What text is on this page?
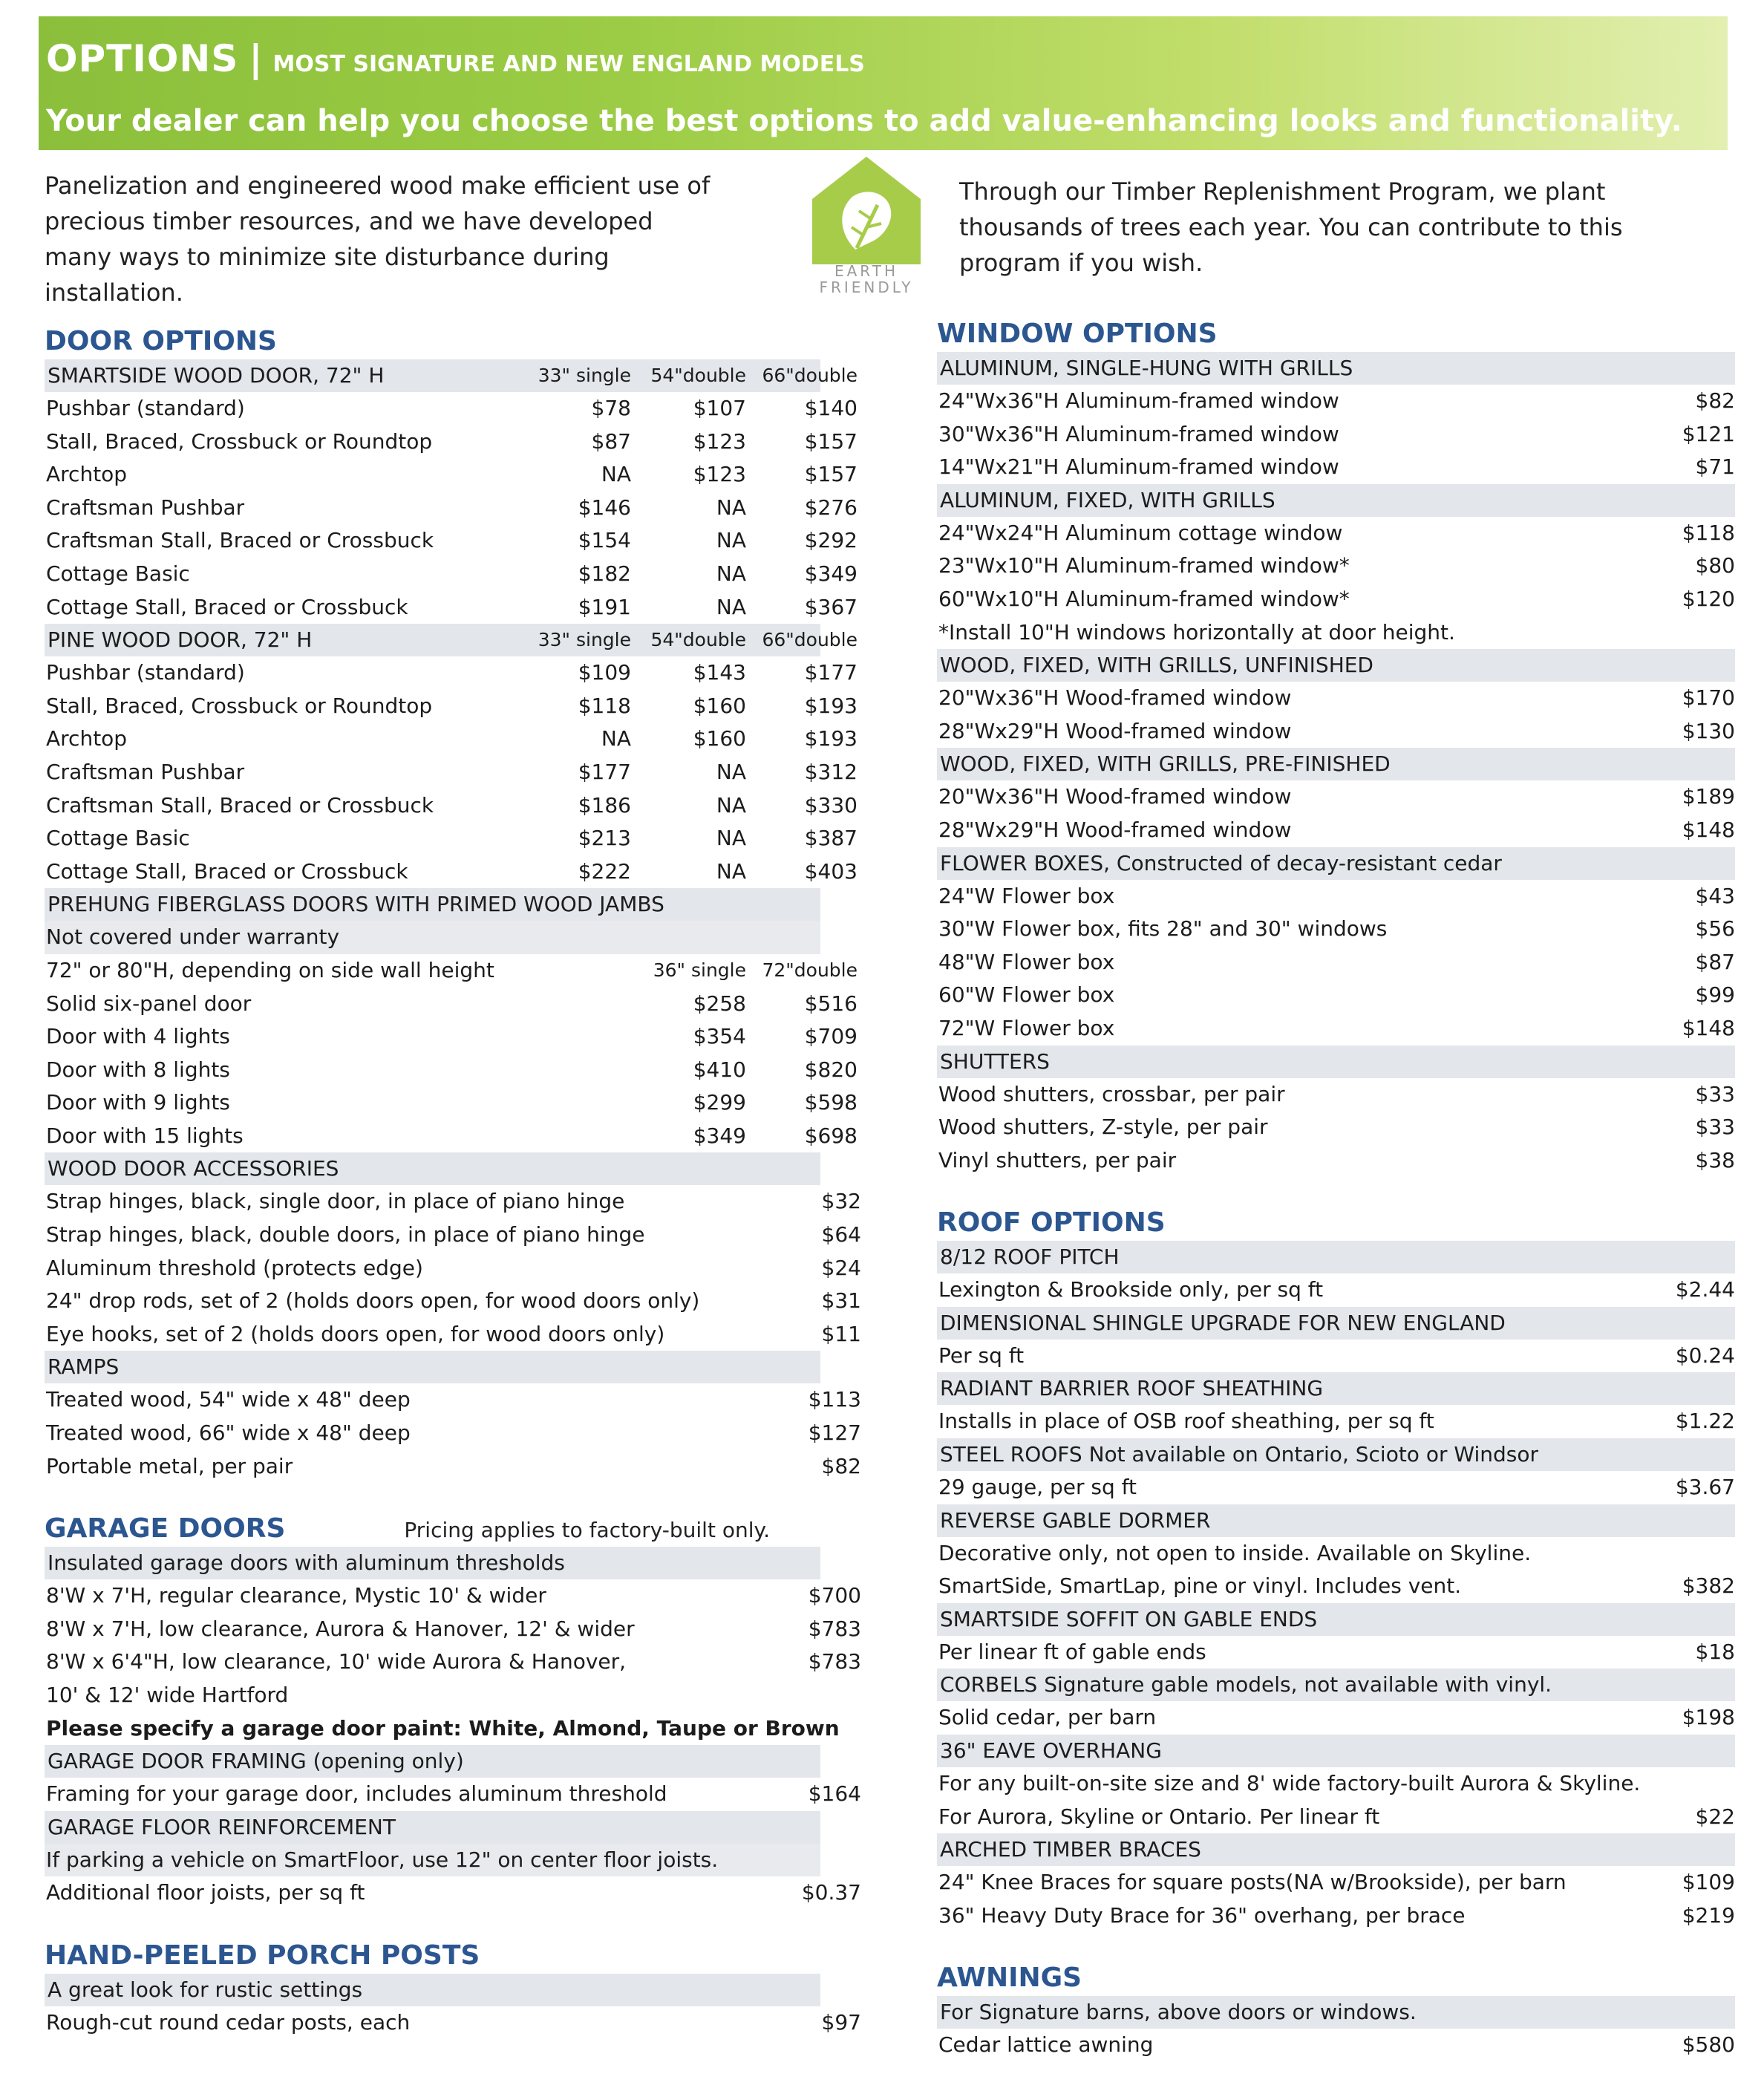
OPTIONS | MOST SIGNATURE AND NEW ENGLAND MODELS
Your dealer can help you choose the best options to add value-enhancing looks and functionality.
Panelization and engineered wood make efficient use of precious timber resources, and we have developed many ways to minimize site disturbance during installation.
EARTH
FRIENDLY
Through our Timber Replenishment Program, we plant thousands of trees each year. You can contribute to this program if you wish.
DOOR OPTIONS
SMARTSIDE WOOD DOOR, 72" H	33" single	54"double 66"double
Pushbar (standard)	$78	$107	$140
Stall, Braced, Crossbuck or Roundtop	$87	$123	$157
Archtop	NA	$123	$157
Craftsman Pushbar	$146	NA	$276
Craftsman Stall, Braced or Crossbuck	$154	NA	$292
Cottage Basic	$182	NA	$349
Cottage Stall, Braced or Crossbuck	$191	NA	$367
PINE WOOD DOOR, 72" H	33" single	54"double 66"double
Pushbar (standard)	$109	$143	$177
Stall, Braced, Crossbuck or Roundtop	$118	$160	$193
Archtop	NA	$160	$193
Craftsman Pushbar	$177	NA	$312
Craftsman Stall, Braced or Crossbuck	$186	NA	$330
Cottage Basic	$213	NA	$387
Cottage Stall, Braced or Crossbuck	$222	NA	$403
PREHUNG FIBERGLASS DOORS WITH PRIMED WOOD JAMBS
Not covered under warranty
72" or 80"H, depending on side wall height	36" single 72"double
Solid six-panel door	$258	$516
Door with 4 lights	$354	$709
Door with 8 lights	$410	$820
Door with 9 lights	$299	$598
Door with 15 lights	$349	$698
WOOD DOOR ACCESSORIES
Strap hinges, black, single door, in place of piano hinge	$32
Strap hinges, black, double doors, in place of piano hinge	$64
Aluminum threshold (protects edge)	$24
24" drop rods, set of 2 (holds doors open, for wood doors only)	$31
Eye hooks, set of 2 (holds doors open, for wood doors only)	$11
RAMPS
Treated wood, 54" wide x 48" deep	$113
Treated wood, 66" wide x 48" deep	$127
Portable metal, per pair	$82
GARAGE DOORS	Pricing applies to factory-built only.
Insulated garage doors with aluminum thresholds
8'W x 7'H, regular clearance, Mystic 10' & wider	$700
8'W x 7'H, low clearance, Aurora & Hanover, 12' & wider	$783
8'W x 6'4"H, low clearance, 10' wide Aurora & Hanover,	$783
10' & 12' wide Hartford
Please specify a garage door paint: White, Almond, Taupe or Brown
GARAGE DOOR FRAMING (opening only)
Framing for your garage door, includes aluminum threshold	$164
GARAGE FLOOR REINFORCEMENT
If parking a vehicle on SmartFloor, use 12" on center floor joists.
Additional floor joists, per sq ft	$0.37
HAND-PEELED PORCH POSTS
A great look for rustic settings
Rough-cut round cedar posts, each	$97
WINDOW OPTIONS
ALUMINUM, SINGLE-HUNG WITH GRILLS
24"Wx36"H Aluminum-framed window	$82
30"Wx36"H Aluminum-framed window	$121
14"Wx21"H Aluminum-framed window	$71
ALUMINUM, FIXED, WITH GRILLS
24"Wx24"H Aluminum cottage window	$118
23"Wx10"H Aluminum-framed window*	$80
60"Wx10"H Aluminum-framed window*	$120
*Install 10"H windows horizontally at door height.
WOOD, FIXED, WITH GRILLS, UNFINISHED
20"Wx36"H Wood-framed window	$170
28"Wx29"H Wood-framed window	$130
WOOD, FIXED, WITH GRILLS, PRE-FINISHED
20"Wx36"H Wood-framed window	$189
28"Wx29"H Wood-framed window	$148
FLOWER BOXES, Constructed of decay-resistant cedar
24"W Flower box	$43
30"W Flower box, fits 28" and 30" windows	$56
48"W Flower box	$87
60"W Flower box	$99
72"W Flower box	$148
SHUTTERS
Wood shutters, crossbar, per pair	$33
Wood shutters, Z-style, per pair	$33
Vinyl shutters, per pair	$38
ROOF OPTIONS
8/12 ROOF PITCH
Lexington & Brookside only, per sq ft	$2.44
DIMENSIONAL SHINGLE UPGRADE FOR NEW ENGLAND
Per sq ft	$0.24
RADIANT BARRIER ROOF SHEATHING
Installs in place of OSB roof sheathing, per sq ft	$1.22
STEEL ROOFS Not available on Ontario, Scioto or Windsor
29 gauge, per sq ft	$3.67
REVERSE GABLE DORMER
Decorative only, not open to inside. Available on Skyline.
SmartSide, SmartLap, pine or vinyl. Includes vent.	$382
SMARTSIDE SOFFIT ON GABLE ENDS
Per linear ft of gable ends	$18
CORBELS Signature gable models, not available with vinyl.
Solid cedar, per barn	$198
36" EAVE OVERHANG
For any built-on-site size and 8' wide factory-built Aurora & Skyline.
For Aurora, Skyline or Ontario. Per linear ft	$22
ARCHED TIMBER BRACES
24" Knee Braces for square posts(NA w/Brookside), per barn	$109
36" Heavy Duty Brace for 36" overhang, per brace	$219
AWNINGS
For Signature barns, above doors or windows.
Cedar lattice awning	$580
